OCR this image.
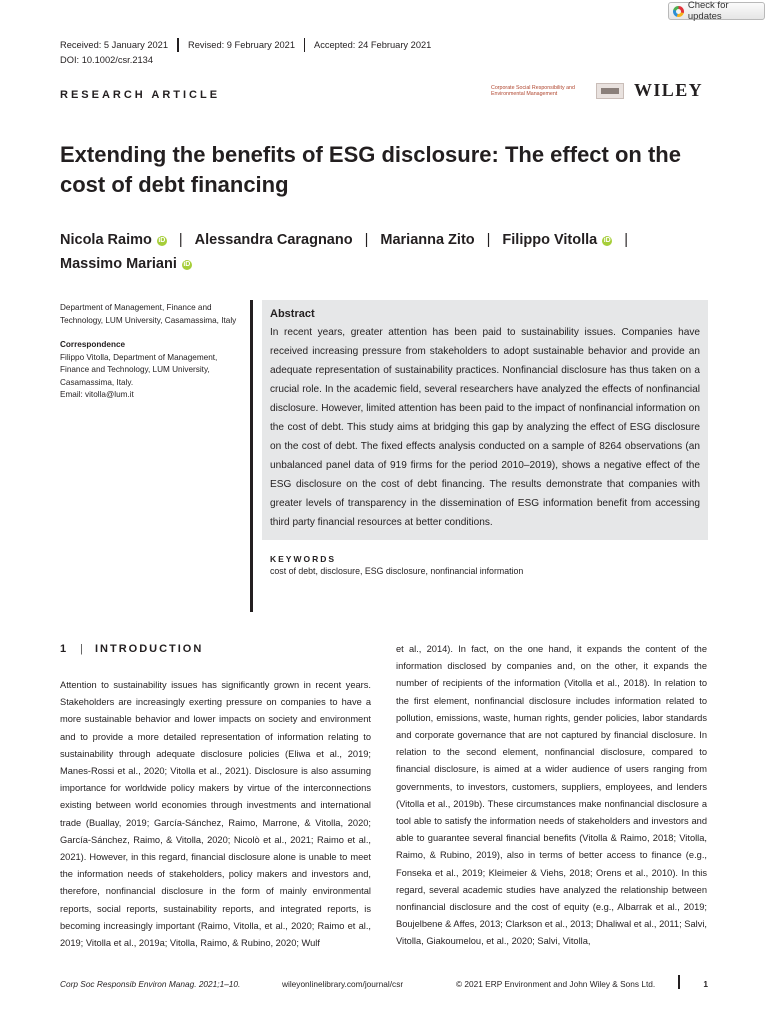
Check for updates
Received: 5 January 2021 Revised: 9 February 2021 Accepted: 24 February 2021
DOI: 10.1002/csr.2134
RESEARCH ARTICLE
Corporate Social Responsibility and Environmental Management	WILEY
Extending the benefits of ESG disclosure: The effect on the cost of debt financing
Nicola Raimo iD | Alessandra Caragnano | Marianna Zito | Filippo Vitolla iD |
Massimo Mariani iD

Department of Management, Finance and Technology, LUM University, Casamassima, Italy

Correspondence

Filippo Vitolla, Department of Management, Finance and Technology, LUM University, Casamassima, Italy.

Email: vitolla@lum.it

Abstract

In recent years, greater attention has been paid to sustainability issues. Companies have received increasing pressure from stakeholders to adopt sustainable behavior and provide an adequate representation of sustainability practices. Nonfinancial disclosure has thus taken on a crucial role. In the academic field, several researchers have analyzed the effects of nonfinancial disclosure. However, limited attention has been paid to the impact of nonfinancial information on the cost of debt. This study aims at bridging this gap by analyzing the effect of ESG disclosure on the cost of debt. The fixed effects analysis conducted on a sample of 8264 observations (an unbalanced panel data of 919 firms for the period 2010–2019), shows a negative effect of the ESG disclosure on the cost of debt financing. The results demonstrate that companies with greater levels of transparency in the dissemination of ESG information benefit from accessing third party financial resources at better conditions.

KEYWORDS
cost of debt, disclosure, ESG disclosure, nonfinancial information
1 | INTRODUCTION

Attention to sustainability issues has significantly grown in recent years. Stakeholders are increasingly exerting pressure on companies to have a more sustainable behavior and lower impacts on society and environment and to provide a more detailed representation of information relating to sustainability through adequate disclosure policies (Eliwa et al., 2019; Manes-Rossi et al., 2020; Vitolla et al., 2021). Disclosure is also assuming importance for worldwide policy makers by virtue of the interconnections existing between world economies through investments and international trade (Buallay, 2019; García-Sánchez, Raimo, Marrone, & Vitolla, 2020; García-Sánchez, Raimo, & Vitolla, 2020; Nicolò et al., 2021; Raimo et al., 2021). However, in this regard, financial disclosure alone is unable to meet the information needs of stakeholders, policy makers and investors and, therefore, nonfinancial disclosure in the form of mainly environmental reports, social reports, sustainability reports, and integrated reports, is becoming increasingly important (Raimo, Vitolla, et al., 2020; Raimo et al., 2019; Vitolla et al., 2019a; Vitolla, Raimo, & Rubino, 2020; Wulf

et al., 2014). In fact, on the one hand, it expands the content of the information disclosed by companies and, on the other, it expands the number of recipients of the information (Vitolla et al., 2018). In relation to the first element, nonfinancial disclosure includes information related to pollution, emissions, waste, human rights, gender policies, labor standards and corporate governance that are not captured by financial disclosure. In relation to the second element, nonfinancial disclosure, compared to financial disclosure, is aimed at a wider audience of users ranging from governments, to investors, customers, suppliers, employees, and lenders (Vitolla et al., 2019b). These circumstances make nonfinancial disclosure a tool able to satisfy the information needs of stakeholders and investors and able to guarantee several financial benefits (Vitolla & Raimo, 2018; Vitolla, Raimo, & Rubino, 2019), also in terms of better access to finance (e.g., Fonseka et al., 2019; Kleimeier & Viehs, 2018; Orens et al., 2010). In this regard, several academic studies have analyzed the relationship between nonfinancial disclosure and the cost of equity (e.g., Albarrak et al., 2019; Boujelbene & Affes, 2013; Clarkson et al., 2013; Dhaliwal et al., 2011; Salvi, Vitolla, Giakoumelou, et al., 2020; Salvi, Vitolla,

Corp Soc Responsib Environ Manag. 2021;1–10.	wileyonlinelibrary.com/journal/csr	© 2021 ERP Environment and John Wiley & Sons Ltd.	1
